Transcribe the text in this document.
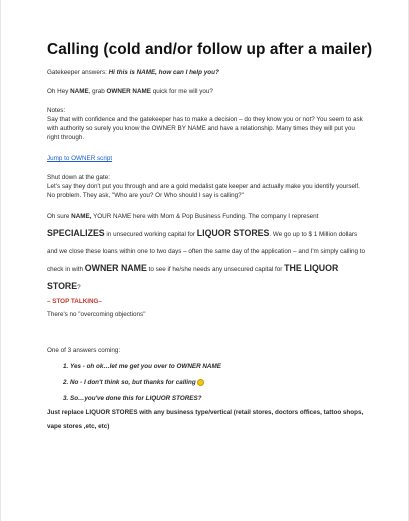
Calling (cold and/or follow up after a mailer)

Gatekeeper answers: Hi this is NAME, how can I help you?

Oh Hey NAME, grab OWNER NAME quick for me will you?

Notes:

Say that with confidence and the gatekeeper has to make a decision – do they know you or not? You seem to ask with authority so surely you know the OWNER BY NAME and have a relationship. Many times they will put you right through.

Jump to OWNER script

Shut down at the gate:

Let's say they don't put you through and are a gold medalist gate keeper and actually make you identify yourself. No problem. They ask, "Who are you? Or Who should I say is calling?"

Oh sure NAME, YOUR NAME here with Mom & Pop Business Funding. The company I represent SPECIALIZES in unsecured working capital for LIQUOR STORES. We go up to $ 1 Million dollars and we close these loans within one to two days – often the same day of the application – and I'm simply calling to check in with OWNER NAME to see if he/she needs any unsecured capital for THE LIQUOR STORE?

– STOP TALKING–

There's no "overcoming objections"

One of 3 answers coming:

1. Yes - oh ok…let me get you over to OWNER NAME
2. No - I don't think so, but thanks for calling
3. So…you've done this for LIQUOR STORES?

Just replace LIQUOR STORES with any business type/vertical (retail stores, doctors offices, tattoo shops, vape stores ,etc, etc)
